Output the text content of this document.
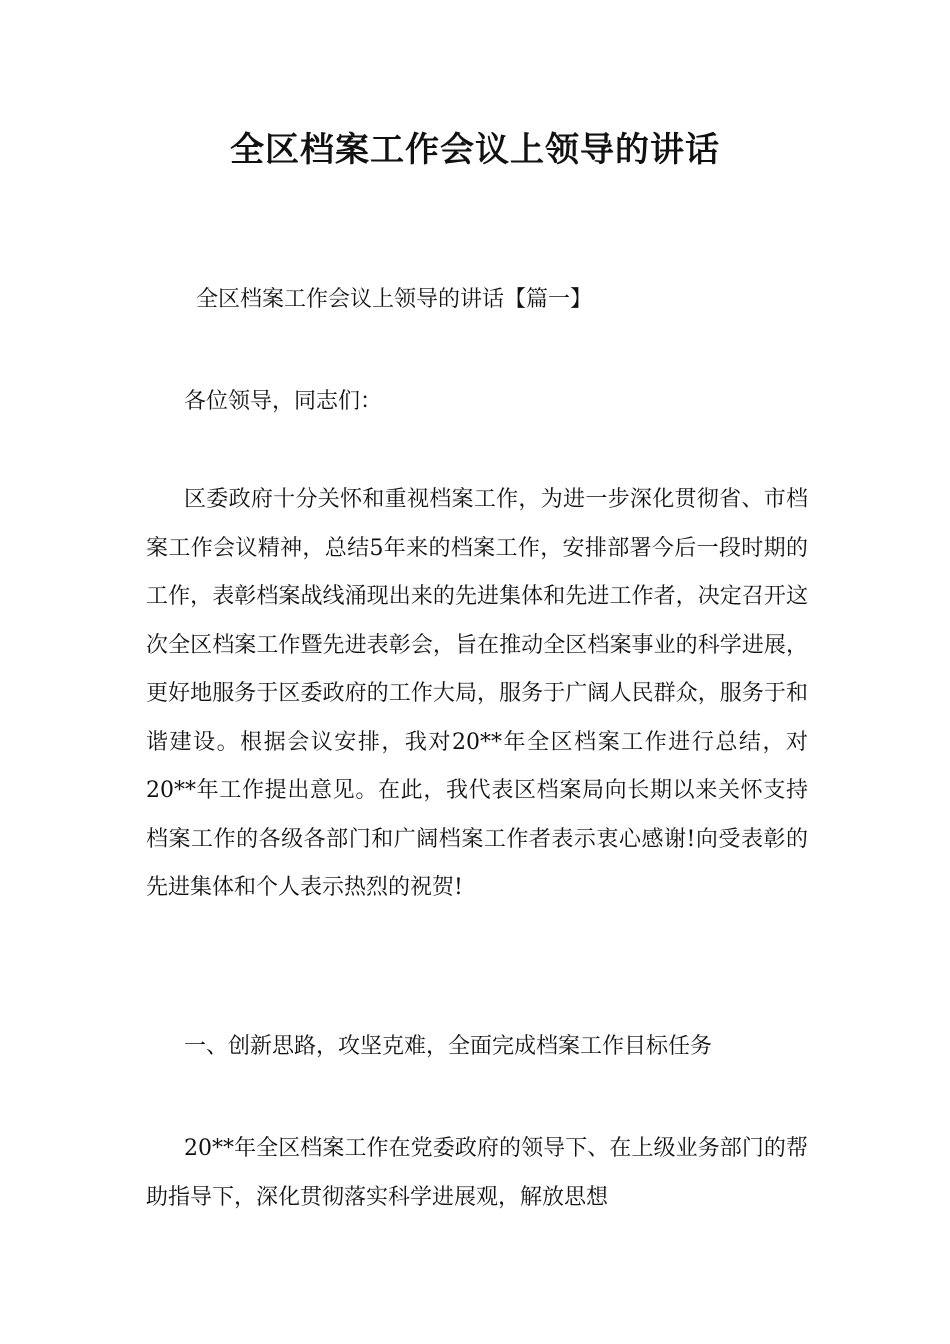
全区档案工作会议上领导的讲话
全区档案工作会议上领导的讲话【篇一】

各位领导，同志们：

区委政府十分关怀和重视档案工作，为进一步深化贯彻省、市档案工作会议精神，总结5年来的档案工作，安排部署今后一段时期的工作，表彰档案战线涌现出来的先进集体和先进工作者，决定召开这次全区档案工作暨先进表彰会，旨在推动全区档案事业的科学进展，更好地服务于区委政府的工作大局，服务于广阔人民群众，服务于和谐建设。根据会议安排，我对20**年全区档案工作进行总结，对20**年工作提出意见。在此，我代表区档案局向长期以来关怀支持档案工作的各级各部门和广阔档案工作者表示衷心感谢!向受表彰的先进集体和个人表示热烈的祝贺!

一、创新思路，攻坚克难，全面完成档案工作目标任务

20**年全区档案工作在党委政府的领导下、在上级业务部门的帮助指导下，深化贯彻落实科学进展观，解放思想
